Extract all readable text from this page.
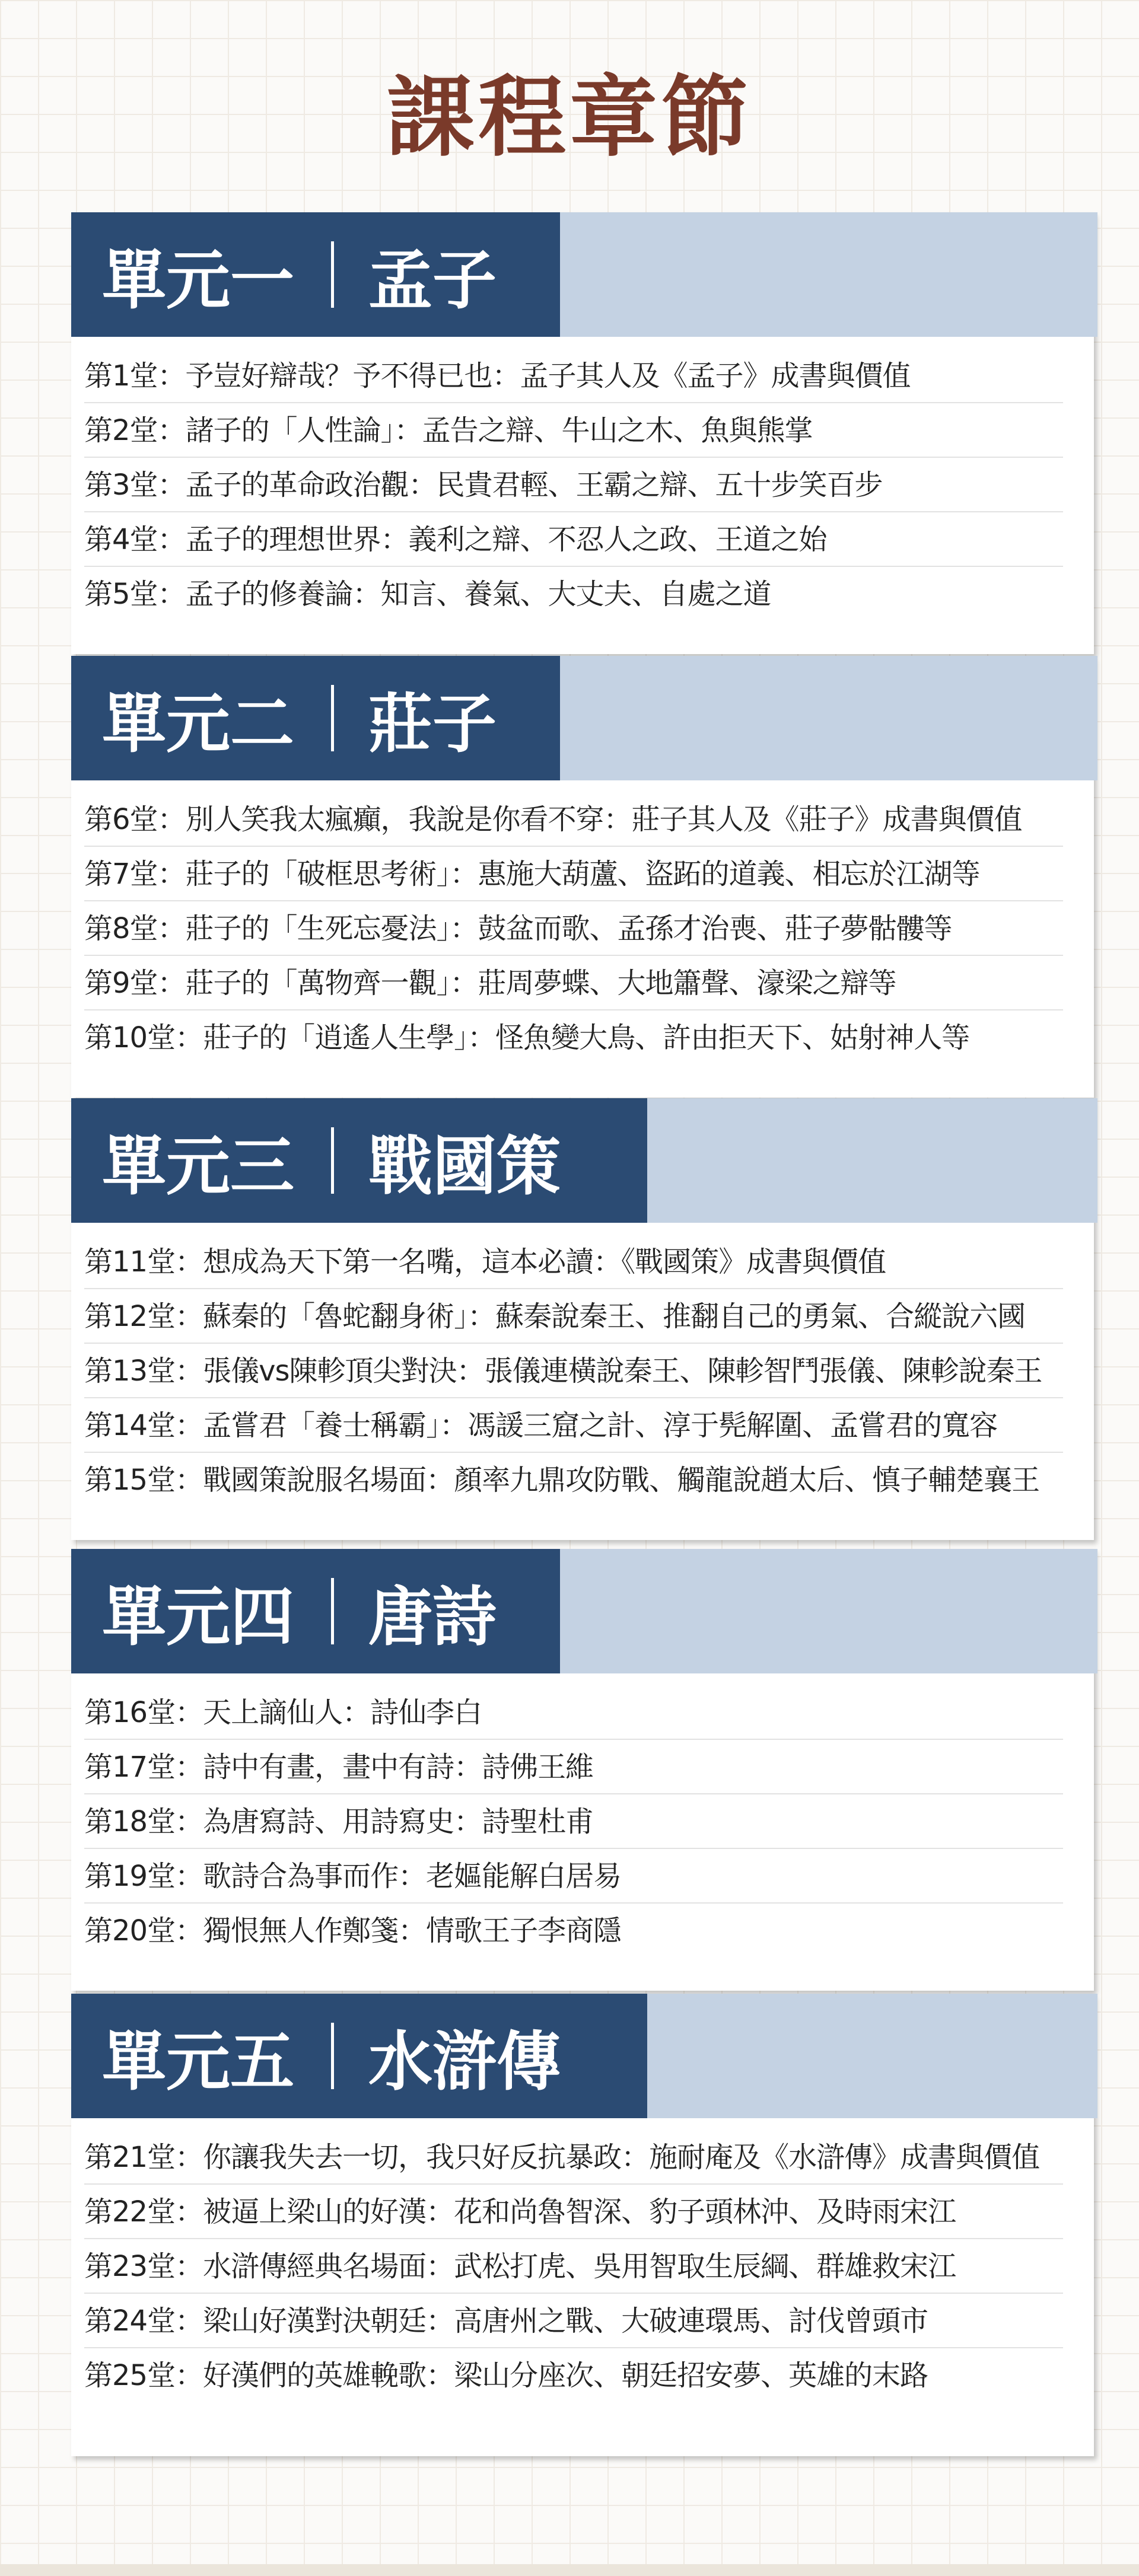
課程章節
單元一 孟子
第1堂：予豈好辯哉？予不得已也：孟子其人及《孟子》成書與價值
第2堂：諸子的「人性論」：孟告之辯、牛山之木、魚與熊掌
第3堂：孟子的革命政治觀：民貴君輕、王霸之辯、五十步笑百步
第4堂：孟子的理想世界：義利之辯、不忍人之政、王道之始
第5堂：孟子的修養論：知言、養氣、大丈夫、自處之道
單元二 莊子
第6堂：別人笑我太瘋癲，我說是你看不穿：莊子其人及《莊子》成書與價值
第7堂：莊子的「破框思考術」：惠施大葫蘆、盜跖的道義、相忘於江湖等
第8堂：莊子的「生死忘憂法」：鼓盆而歌、孟孫才治喪、莊子夢骷髏等
第9堂：莊子的「萬物齊一觀」：莊周夢蝶、大地簫聲、濠梁之辯等
第10堂：莊子的「逍遙人生學」：怪魚變大鳥、許由拒天下、姑射神人等
單元三 戰國策
第11堂：想成為天下第一名嘴，這本必讀：《戰國策》成書與價值
第12堂：蘇秦的「魯蛇翻身術」：蘇秦說秦王、推翻自己的勇氣、合縱說六國
第13堂：張儀vs陳軫頂尖對決：張儀連橫說秦王、陳軫智鬥張儀、陳軫說秦王
第14堂：孟嘗君「養士稱霸」：馮諼三窟之計、淳于髡解圍、孟嘗君的寬容
第15堂：戰國策說服名場面：顏率九鼎攻防戰、觸龍說趙太后、慎子輔楚襄王
單元四 唐詩
第16堂：天上謫仙人：詩仙李白
第17堂：詩中有畫，畫中有詩：詩佛王維
第18堂：為唐寫詩、用詩寫史：詩聖杜甫
第19堂：歌詩合為事而作：老嫗能解白居易
第20堂：獨恨無人作鄭箋：情歌王子李商隱
單元五 水滸傳
第21堂：你讓我失去一切，我只好反抗暴政：施耐庵及《水滸傳》成書與價值
第22堂：被逼上梁山的好漢：花和尚魯智深、豹子頭林沖、及時雨宋江
第23堂：水滸傳經典名場面：武松打虎、吳用智取生辰綱、群雄救宋江
第24堂：梁山好漢對決朝廷：高唐州之戰、大破連環馬、討伐曾頭市
第25堂：好漢們的英雄輓歌：梁山分座次、朝廷招安夢、英雄的末路
